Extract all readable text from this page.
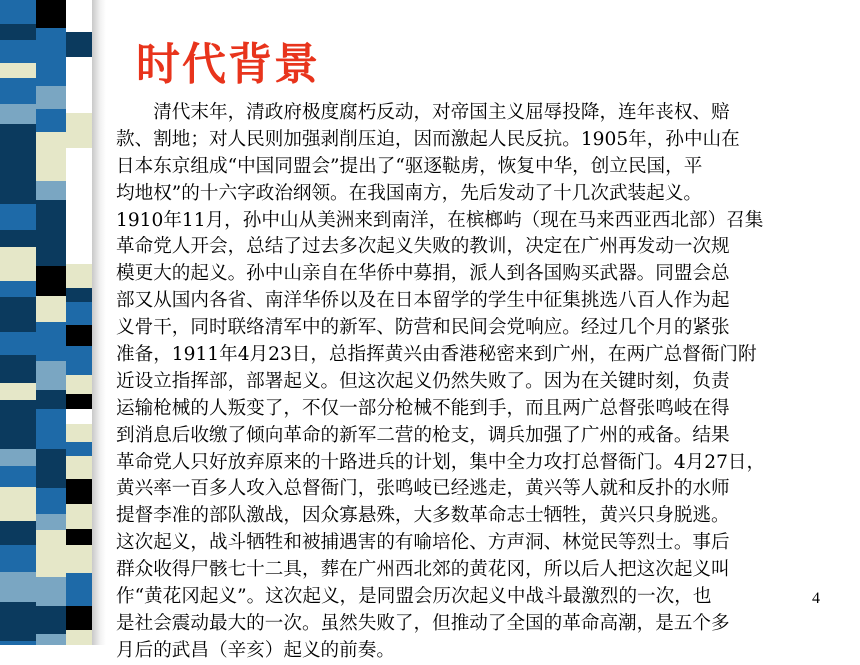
时代背景
　　清代末年，清政府极度腐朽反动，对帝国主义屈辱投降，连年丧权、赔
款、割地；对人民则加强剥削压迫，因而激起人民反抗。1905年，孙中山在
日本东京组成“中国同盟会”提出了“驱逐鞑虏，恢复中华，创立民国，平
均地权”的十六字政治纲领。在我国南方，先后发动了十几次武装起义。
1910年11月，孙中山从美洲来到南洋，在槟榔屿（现在马来西亚西北部）召集
革命党人开会，总结了过去多次起义失败的教训，决定在广州再发动一次规
模更大的起义。孙中山亲自在华侨中募捐，派人到各国购买武器。同盟会总
部又从国内各省、南洋华侨以及在日本留学的学生中征集挑选八百人作为起
义骨干，同时联络清军中的新军、防营和民间会党响应。经过几个月的紧张
准备，1911年4月23日，总指挥黄兴由香港秘密来到广州，在两广总督衙门附
近设立指挥部，部署起义。但这次起义仍然失败了。因为在关键时刻，负责
运输枪械的人叛变了，不仅一部分枪械不能到手，而且两广总督张鸣岐在得
到消息后收缴了倾向革命的新军二营的枪支，调兵加强了广州的戒备。结果
革命党人只好放弃原来的十路进兵的计划，集中全力攻打总督衙门。4月27日，
黄兴率一百多人攻入总督衙门，张鸣岐已经逃走，黄兴等人就和反扑的水师
提督李准的部队激战，因众寡悬殊，大多数革命志士牺牲，黄兴只身脱逃。
这次起义，战斗牺牲和被捕遇害的有喻培伦、方声洞、林觉民等烈士。事后
群众收得尸骸七十二具，葬在广州西北郊的黄花冈，所以后人把这次起义叫
作“黄花冈起义”。这次起义，是同盟会历次起义中战斗最激烈的一次，也
是社会震动最大的一次。虽然失败了，但推动了全国的革命高潮，是五个多
月后的武昌（辛亥）起义的前奏。
4
